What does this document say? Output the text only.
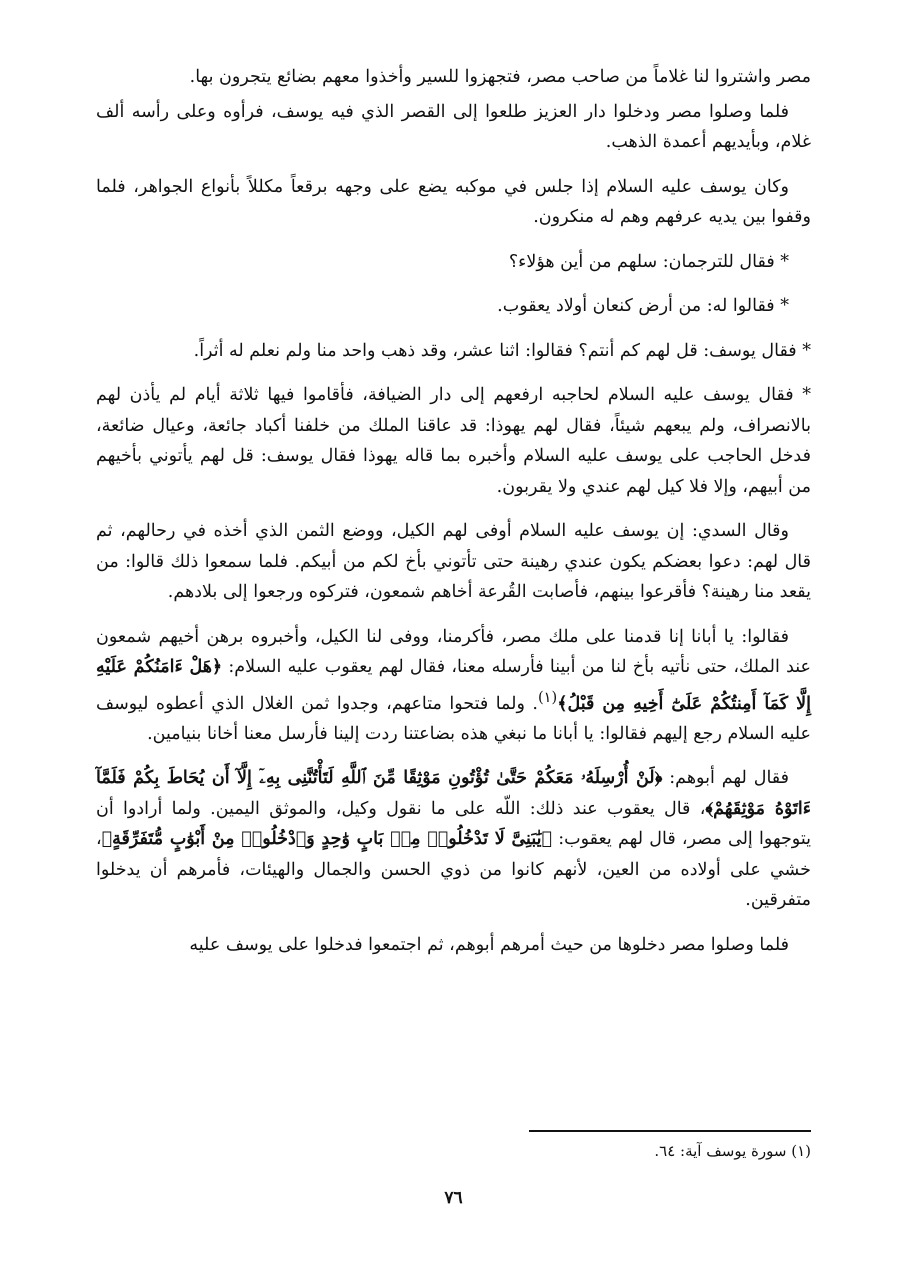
مصر واشتروا لنا غلاماً من صاحب مصر، فتجهزوا للسير وأخذوا معهم بضائع يتجرون بها.

فلما وصلوا مصر ودخلوا دار العزيز طلعوا إلى القصر الذي فيه يوسف، فرأوه وعلى رأسه ألف غلام، وبأيديهم أعمدة الذهب.

وكان يوسف عليه السلام إذا جلس في موكبه يضع على وجهه برقعاً مكللاً بأنواع الجواهر، فلما وقفوا بين يديه عرفهم وهم له منكرون.

* فقال للترجمان: سلهم من أين هؤلاء؟

* فقالوا له: من أرض كنعان أولاد يعقوب.

* فقال يوسف: قل لهم كم أنتم؟ فقالوا: اثنا عشر، وقد ذهب واحد منا ولم نعلم له أثراً.

* فقال يوسف عليه السلام لحاجبه ارفعهم إلى دار الضيافة، فأقاموا فيها ثلاثة أيام لم يأذن لهم بالانصراف، ولم يبعهم شيئاً، فقال لهم يهوذا: قد عاقنا الملك من خلفنا أكباد جائعة، وعيال ضائعة، فدخل الحاجب على يوسف عليه السلام وأخبره بما قاله يهوذا فقال يوسف: قل لهم يأتوني بأخيهم من أبيهم، وإلا فلا كيل لهم عندي ولا يقربون.

وقال السدي: إن يوسف عليه السلام أوفى لهم الكيل، ووضع الثمن الذي أخذه في رحالهم، ثم قال لهم: دعوا بعضكم يكون عندي رهينة حتى تأتوني بأخ لكم من أبيكم. فلما سمعوا ذلك قالوا: من يقعد منا رهينة؟ فأقرعوا بينهم، فأصابت القُرعة أخاهم شمعون، فتركوه ورجعوا إلى بلادهم.

فقالوا: يا أبانا إنا قدمنا على ملك مصر، فأكرمنا، ووفى لنا الكيل، وأخبروه برهن أخيهم شمعون عند الملك، حتى نأتيه بأخ لنا من أبينا فأرسله معنا، فقال لهم يعقوب عليه السلام: ﴿هَلْ ءَامَنُكُمْ عَلَيْهِ إِلَّا كَمَآ أَمِنتُكُمْ عَلَىٰٓ أَخِيهِ مِن قَبْلُ﴾$^{(١)}$. ولما فتحوا متاعهم، وجدوا ثمن الغلال الذي أعطوه ليوسف عليه السلام رجع إليهم فقالوا: يا أبانا ما نبغي هذه بضاعتنا ردت إلينا فأرسل معنا أخانا بنيامين.

فقال لهم أبوهم: ﴿لَنْ أُرْسِلَهُۥ مَعَكُمْ حَتَّىٰ تُؤْتُونِ مَوْثِقًا مِّنَ ٱللَّهِ لَتَأْتُنَّنِى بِهِۦٓ إِلَّآ أَن يُحَاطَ بِكُمْ فَلَمَّآ ءَاتَوْهُ مَوْثِقَهُمْ﴾، قال يعقوب عند ذلك: اللّه على ما نقول وكيل، والموثق اليمين. ولما أرادوا أن يتوجهوا إلى مصر، قال لهم يعقوب: ﴿يَٰبَنِىَّ لَا تَدْخُلُوا۟ مِنۢ بَابٍ وَٰحِدٍ وَٱدْخُلُوا۟ مِنْ أَبْوَٰبٍ مُّتَفَرِّقَةٍ﴾، خشي على أولاده من العين، لأنهم كانوا من ذوي الحسن والجمال والهيئات، فأمرهم أن يدخلوا متفرقين.

فلما وصلوا مصر دخلوها من حيث أمرهم أبوهم، ثم اجتمعوا فدخلوا على يوسف عليه

(١) سورة يوسف آية: ٦٤.
٧٦
